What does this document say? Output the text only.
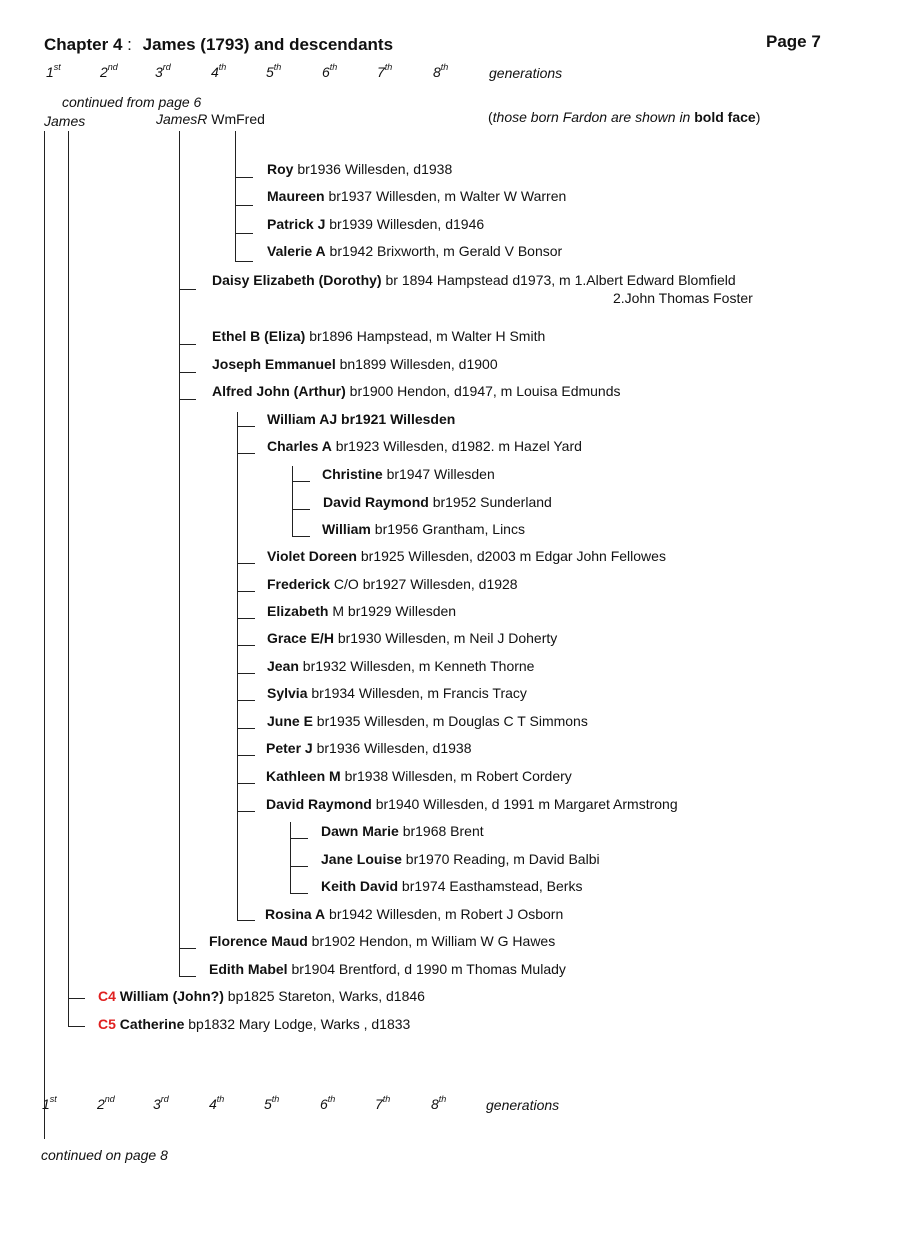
Chapter 4 : James (1793) and descendants	Page 7
1st	2nd	3rd	4th	5th	6th	7th	8th	generations
continued from page 6
James	JamesR WmFred	(those born Fardon are shown in bold face)
Roy br1936 Willesden, d1938
Maureen br1937 Willesden, m Walter W Warren
Patrick J br1939 Willesden, d1946
Valerie A br1942 Brixworth, m Gerald V Bonsor
Daisy Elizabeth (Dorothy) br 1894 Hampstead d1973, m 1.Albert Edward Blomfield
2.John Thomas Foster
Ethel B (Eliza) br1896 Hampstead, m Walter H Smith
Joseph Emmanuel bn1899 Willesden, d1900
Alfred John (Arthur) br1900 Hendon, d1947, m Louisa Edmunds
William AJ br1921 Willesden
Charles A br1923 Willesden, d1982. m Hazel Yard
Christine br1947 Willesden
David Raymond br1952 Sunderland
William br1956 Grantham, Lincs
Violet Doreen br1925 Willesden, d2003 m Edgar John Fellowes
Frederick C/O br1927 Willesden, d1928
Elizabeth M br1929 Willesden
Grace E/H br1930 Willesden, m Neil J Doherty
Jean br1932 Willesden, m Kenneth Thorne
Sylvia br1934 Willesden, m Francis Tracy
June E br1935 Willesden, m Douglas C T Simmons
Peter J br1936 Willesden, d1938
Kathleen M br1938 Willesden, m Robert Cordery
David Raymond br1940 Willesden, d 1991 m Margaret Armstrong
Dawn Marie br1968 Brent
Jane Louise br1970 Reading, m David Balbi
Keith David br1974 Easthamstead, Berks
Rosina A br1942 Willesden, m Robert J Osborn
Florence Maud br1902 Hendon, m William W G Hawes
Edith Mabel br1904 Brentford, d 1990 m Thomas Mulady
C4 William (John?) bp1825 Stareton, Warks, d1846
C5 Catherine bp1832 Mary Lodge, Warks , d1833
1st	2nd	3rd	4th	5th	6th	7th	8th	generations
continued on page 8
